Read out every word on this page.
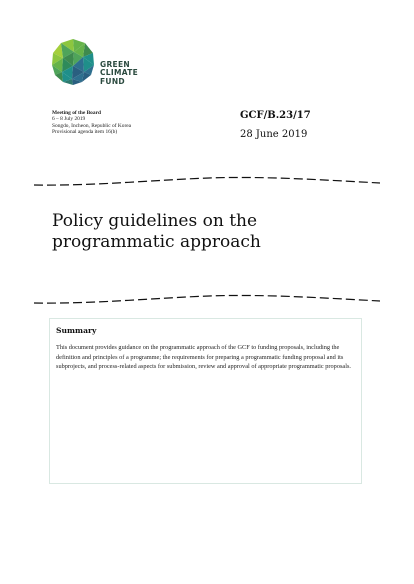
GREEN
CLIMATE
FUND
Meeting of the Board
6 – 8 July 2019
Songdo, Incheon, Republic of Korea
Provisional agenda item 16(b)
GCF/B.23/17
28 June 2019
Policy guidelines on the
programmatic approach
Summary

This document provides guidance on the programmatic approach of the GCF to funding proposals, including the definition and principles of a programme; the requirements for preparing a programmatic funding proposal and its subprojects, and process-related aspects for submission, review and approval of appropriate programmatic proposals.
